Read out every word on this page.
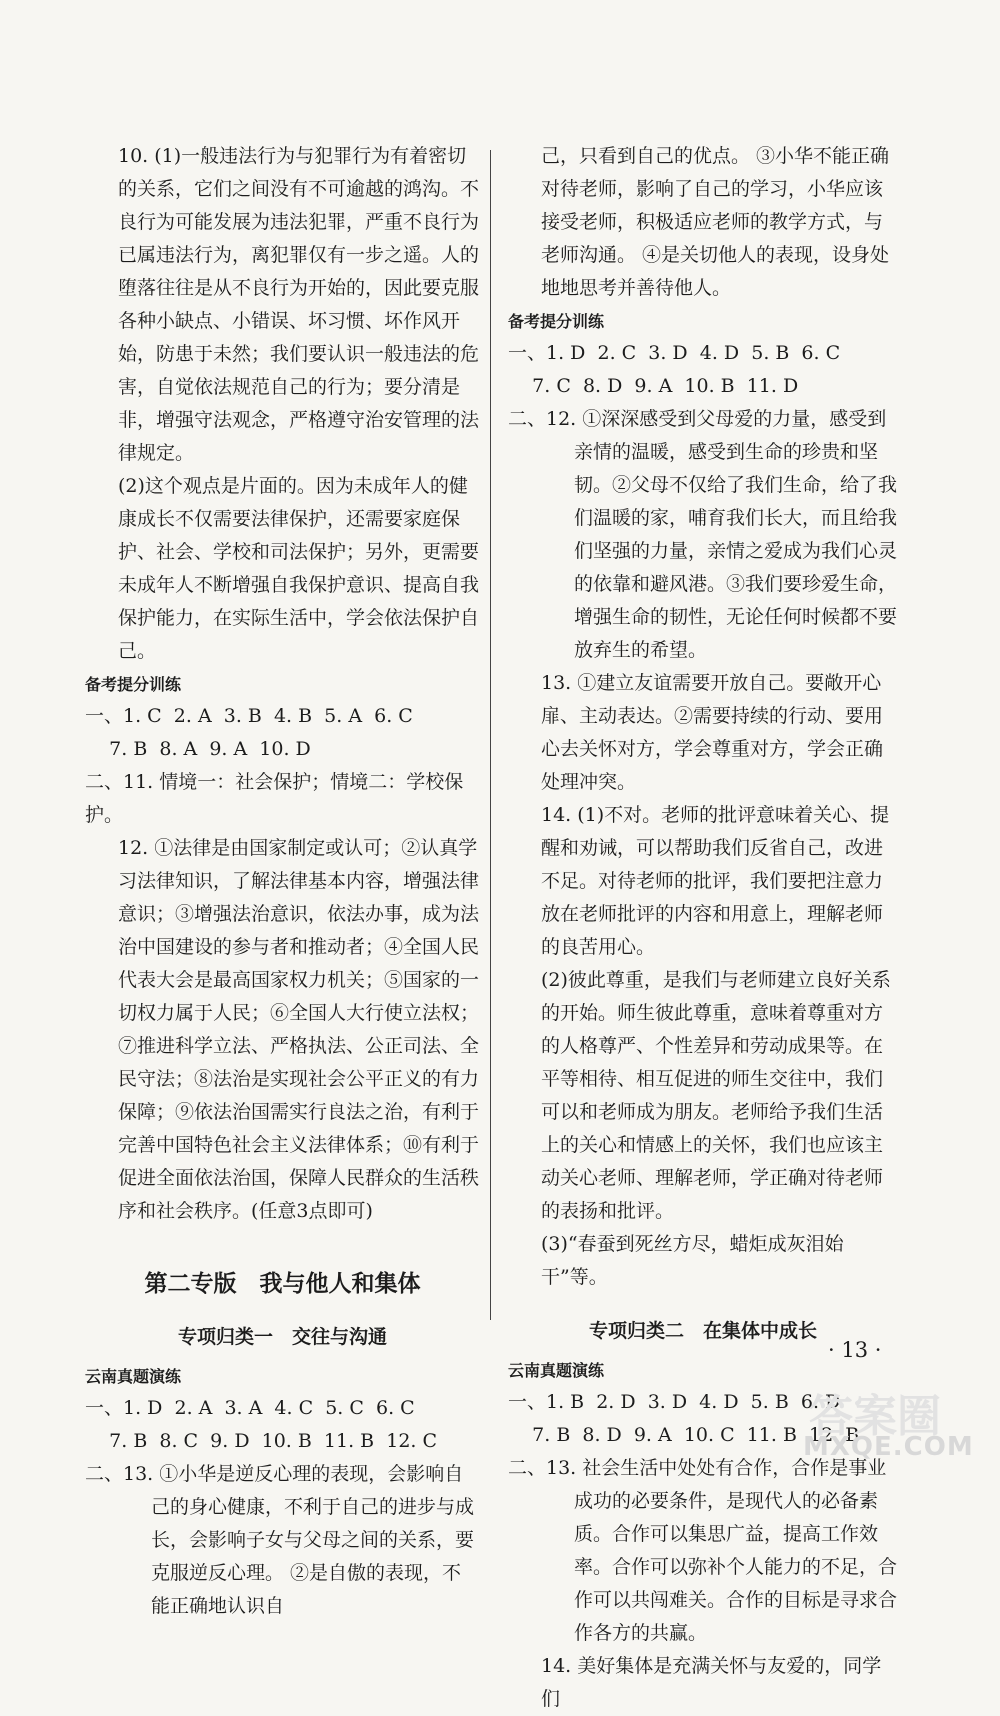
10. (1)一般违法行为与犯罪行为有着密切的关系，它们之间没有不可逾越的鸿沟。不良行为可能发展为违法犯罪，严重不良行为已属违法行为，离犯罪仅有一步之遥。人的堕落往往是从不良行为开始的，因此要克服各种小缺点、小错误、坏习惯、坏作风开始，防患于未然；我们要认识一般违法的危害，自觉依法规范自己的行为；要分清是非，增强守法观念，严格遵守治安管理的法律规定。

(2)这个观点是片面的。因为未成年人的健康成长不仅需要法律保护，还需要家庭保护、社会、学校和司法保护；另外，更需要未成年人不断增强自我保护意识、提高自我保护能力，在实际生活中，学会依法保护自己。

备考提分训练

一、1. C  2. A  3. B  4. B  5. A  6. C

7. B  8. A  9. A  10. D

二、11. 情境一：社会保护；情境二：学校保护。

12. ①法律是由国家制定或认可；②认真学习法律知识，了解法律基本内容，增强法律意识；③增强法治意识，依法办事，成为法治中国建设的参与者和推动者；④全国人民代表大会是最高国家权力机关；⑤国家的一切权力属于人民；⑥全国人大行使立法权；⑦推进科学立法、严格执法、公正司法、全民守法；⑧法治是实现社会公平正义的有力保障；⑨依法治国需实行良法之治，有利于完善中国特色社会主义法律体系；⑩有利于促进全面依法治国，保障人民群众的生活秩序和社会秩序。(任意3点即可)

第二专版　我与他人和集体

专项归类一　交往与沟通

云南真题演练

一、1. D  2. A  3. A  4. C  5. C  6. C

7. B  8. C  9. D  10. B  11. B  12. C

二、13. ①小华是逆反心理的表现，会影响自己的身心健康，不利于自己的进步与成长，会影响子女与父母之间的关系，要克服逆反心理。 ②是自傲的表现，不能正确地认识自

己，只看到自己的优点。 ③小华不能正确对待老师，影响了自己的学习，小华应该接受老师，积极适应老师的教学方式，与老师沟通。 ④是关切他人的表现，设身处地地思考并善待他人。

备考提分训练

一、1. D  2. C  3. D  4. D  5. B  6. C

7. C  8. D  9. A  10. B  11. D

二、12. ①深深感受到父母爱的力量，感受到亲情的温暖，感受到生命的珍贵和坚韧。②父母不仅给了我们生命，给了我们温暖的家，哺育我们长大，而且给我们坚强的力量，亲情之爱成为我们心灵的依靠和避风港。③我们要珍爱生命，增强生命的韧性，无论任何时候都不要放弃生的希望。

13. ①建立友谊需要开放自己。要敞开心扉、主动表达。②需要持续的行动、要用心去关怀对方，学会尊重对方，学会正确处理冲突。

14. (1)不对。老师的批评意味着关心、提醒和劝诫，可以帮助我们反省自己，改进不足。对待老师的批评，我们要把注意力放在老师批评的内容和用意上，理解老师的良苦用心。

(2)彼此尊重，是我们与老师建立良好关系的开始。师生彼此尊重，意味着尊重对方的人格尊严、个性差异和劳动成果等。在平等相待、相互促进的师生交往中，我们可以和老师成为朋友。老师给予我们生活上的关心和情感上的关怀，我们也应该主动关心老师、理解老师，学正确对待老师的表扬和批评。

(3)“春蚕到死丝方尽，蜡炬成灰泪始干”等。

专项归类二　在集体中成长

云南真题演练

一、1. B  2. D  3. D  4. D  5. B  6. D

7. B  8. D  9. A  10. C  11. B  12. B

二、13. 社会生活中处处有合作，合作是事业成功的必要条件，是现代人的必备素质。合作可以集思广益，提高工作效率。合作可以弥补个人能力的不足，合作可以共闯难关。合作的目标是寻求合作各方的共赢。

14. 美好集体是充满关怀与友爱的，同学们

· 13 ·
答案圈
MXQE.COM
